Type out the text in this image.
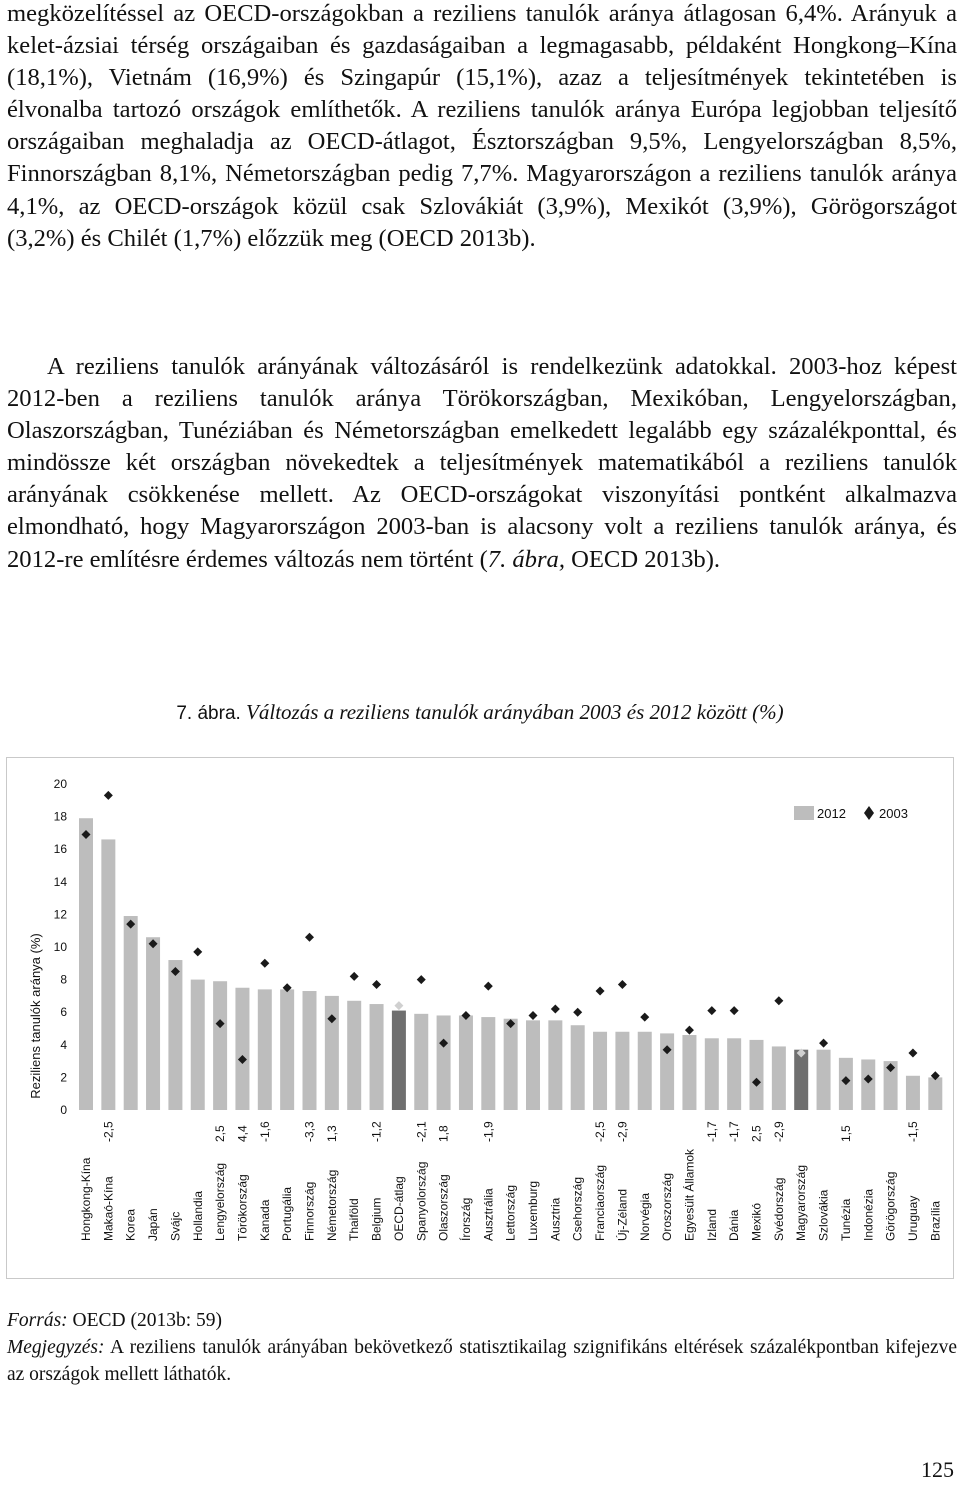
megközelítéssel az OECD-országokban a reziliens tanulók aránya átlagosan 6,4%. Arányuk a kelet-ázsiai térség országaiban és gazdaságaiban a legmagasabb, példaként Hongkong–Kína (18,1%), Vietnám (16,9%) és Szingapúr (15,1%), azaz a teljesítmények tekintetében is élvonalba tartozó országok említhetők. A reziliens tanulók aránya Európa legjobban teljesítő országaiban meghaladja az OECD-átlagot, Észtországban 9,5%, Lengyelországban 8,5%, Finnországban 8,1%, Németországban pedig 7,7%. Magyarországon a reziliens tanulók aránya 4,1%, az OECD-országok közül csak Szlovákiát (3,9%), Mexikót (3,9%), Görögországot (3,2%) és Chilét (1,7%) előzzük meg (OECD 2013b).

A reziliens tanulók arányának változásáról is rendelkezünk adatokkal. 2003-hoz képest 2012-ben a reziliens tanulók aránya Törökországban, Mexikóban, Lengyelországban, Olaszországban, Tunéziában és Németországban emelkedett legalább egy százalékponttal, és mindössze két országban növekedtek a teljesítmények matematikából a reziliens tanulók arányának csökkenése mellett. Az OECD-országokat viszonyítási pontként alkalmazva elmondható, hogy Magyarországon 2003-ban is alacsony volt a reziliens tanulók aránya, és 2012-re említésre érdemes változás nem történt (7. ábra, OECD 2013b).

7. ábra. Változás a reziliens tanulók arányában 2003 és 2012 között (%)
0
2
4
6
8
10
12
14
16
18
20
Hongkong-Kína Makaó-Kína Korea Japán Svájc Hollandia Lengyelország Törökország Kanada Portugália Finnország Németország Thaiföld Belgium OECD-átlag Spanyolország Olaszország Írország Ausztrália Lettország Luxemburg Ausztria Csehország Franciaország Új-Zéland Norvégia Oroszország Egyesült Államok Izland Dánia Mexikó Svédország Magyarország Szlovákia Tunézia Indonézia Görögország Uruguay Brazília
-2,5	2,5 4,4 -1,6	-3,3 1,3	-1,2	-2,1 1,8	-1,9	-2,5 -2,9	-1,7 -1,7 2,5 -2,9	1,5	-1,5
Reziliens tanulók aránya (%)
2012	2003

Forrás: OECD (2013b: 59)

Megjegyzés: A reziliens tanulók arányában bekövetkező statisztikailag szignifikáns eltérések százalékpontban kifejezve az országok mellett láthatók.

125
